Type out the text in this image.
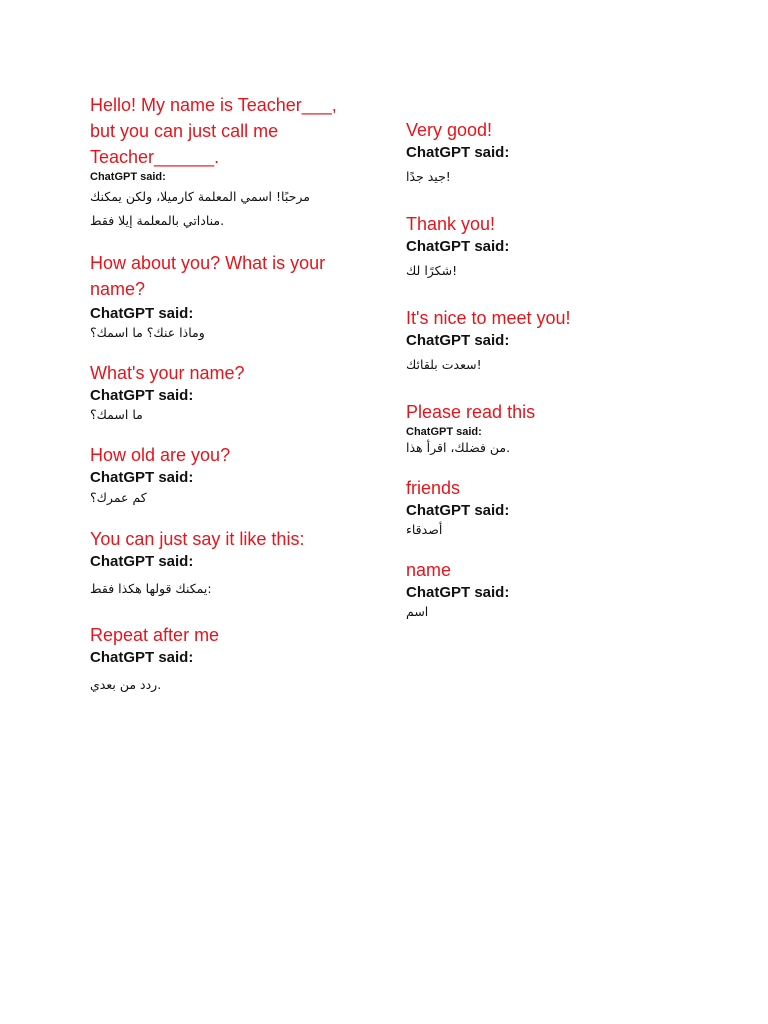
Hello! My name is Teacher___, but you can just call me Teacher______.

ChatGPT said:

مرحبًا! اسمي المعلمة كارميلا، ولكن يمكنك
مناداتي بالمعلمة إيلا فقط.

How about you? What is your name?

ChatGPT said:

وماذا عنك؟ ما اسمك؟

What's your name?

ChatGPT said:

ما اسمك؟

How old are you?

ChatGPT said:

كم عمرك؟

You can just say it like this:

ChatGPT said:

يمكنك قولها هكذا فقط:

Repeat after me

ChatGPT said:

ردد من بعدي.

Very good!

ChatGPT said:

جيد جدًا!

Thank you!

ChatGPT said:

شكرًا لك!

It's nice to meet you!

ChatGPT said:

سعدت بلقائك!

Please read this

ChatGPT said:

من فضلك، اقرأ هذا.

friends

ChatGPT said:

أصدقاء

name

ChatGPT said:

اسم
